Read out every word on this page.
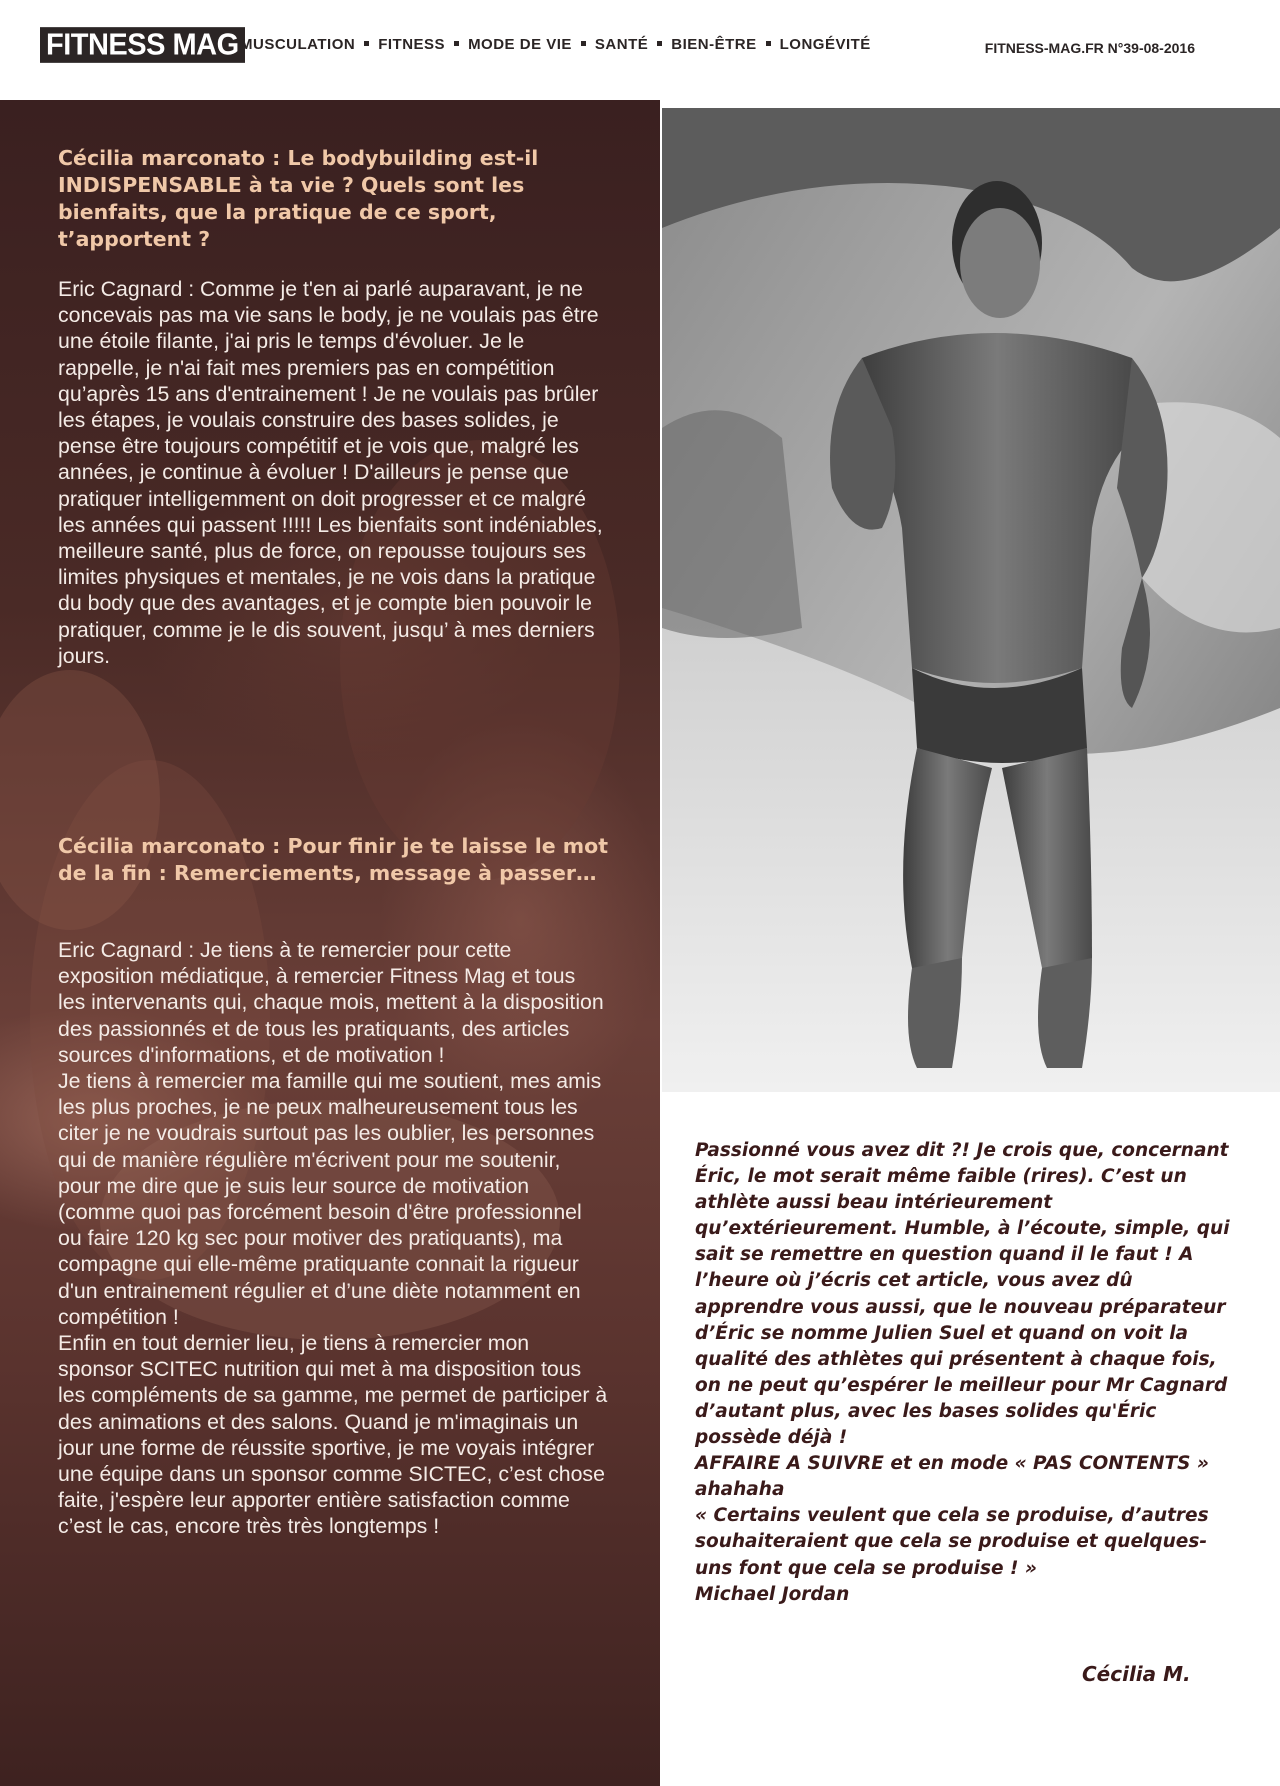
FITNESS MAG MUSCULATION FITNESS MODE DE VIE SANTÉ BIEN-ÊTRE LONGÉVITÉ	FITNESS-MAG.FR N°39-08-2016

Cécilia marconato : Le bodybuilding est-il INDISPENSABLE à ta vie ? Quels sont les bienfaits, que la pratique de ce sport, t’apportent ?

Eric Cagnard : Comme je t'en ai parlé auparavant, je ne concevais pas ma vie sans le body, je ne voulais pas être une étoile filante, j'ai pris le temps d'évoluer. Je le rappelle, je n'ai fait mes premiers pas en compétition qu’après 15 ans d'entrainement ! Je ne voulais pas brûler les étapes, je voulais construire des bases solides, je pense être toujours compétitif et je vois que, malgré les années, je continue à évoluer ! D'ailleurs je pense que pratiquer intelligemment on doit progresser et ce malgré les années qui passent !!!!! Les bienfaits sont indéniables, meilleure santé, plus de force, on repousse toujours ses limites physiques et mentales, je ne vois dans la pratique du body que des avantages, et je compte bien pouvoir le pratiquer, comme je le dis souvent, jusqu’ à mes derniers jours.

Cécilia marconato : Pour finir je te laisse le mot de la fin : Remerciements, message à passer…

Eric Cagnard : Je tiens à te remercier pour cette exposition médiatique, à remercier Fitness Mag et tous les intervenants qui, chaque mois, mettent à la disposition des passionnés et de tous les pratiquants, des articles sources d'informations, et de motivation !
Je tiens à remercier ma famille qui me soutient, mes amis les plus proches, je ne peux malheureusement tous les citer je ne voudrais surtout pas les oublier, les personnes qui de manière régulière m'écrivent pour me soutenir, pour me dire que je suis leur source de motivation (comme quoi pas forcément besoin d'être professionnel ou faire 120 kg sec pour motiver des pratiquants), ma compagne qui elle-même pratiquante connait la rigueur d'un entrainement régulier et d’une diète notamment en compétition !
Enfin en tout dernier lieu, je tiens à remercier mon sponsor SCITEC nutrition qui met à ma disposition tous les compléments de sa gamme, me permet de participer à des animations et des salons. Quand je m'imaginais un jour une forme de réussite sportive, je me voyais intégrer une équipe dans un sponsor comme SICTEC, c’est chose faite, j'espère leur apporter entière satisfaction comme c’est le cas, encore très très longtemps !

Passionné vous avez dit ?! Je crois que, concernant Éric, le mot serait même faible (rires). C’est un athlète aussi beau intérieurement qu’extérieurement. Humble, à l’écoute, simple, qui sait se remettre en question quand il le faut ! A l’heure où j’écris cet article, vous avez dû apprendre vous aussi, que le nouveau préparateur d’Éric se nomme Julien Suel et quand on voit la qualité des athlètes qui présentent à chaque fois, on ne peut qu’espérer le meilleur pour Mr Cagnard d’autant plus, avec les bases solides qu'Éric possède déjà !
AFFAIRE A SUIVRE et en mode « PAS CONTENTS » ahahaha
« Certains veulent que cela se produise, d’autres souhaiteraient que cela se produise et quelques-uns font que cela se produise ! »
Michael Jordan

Cécilia M.
